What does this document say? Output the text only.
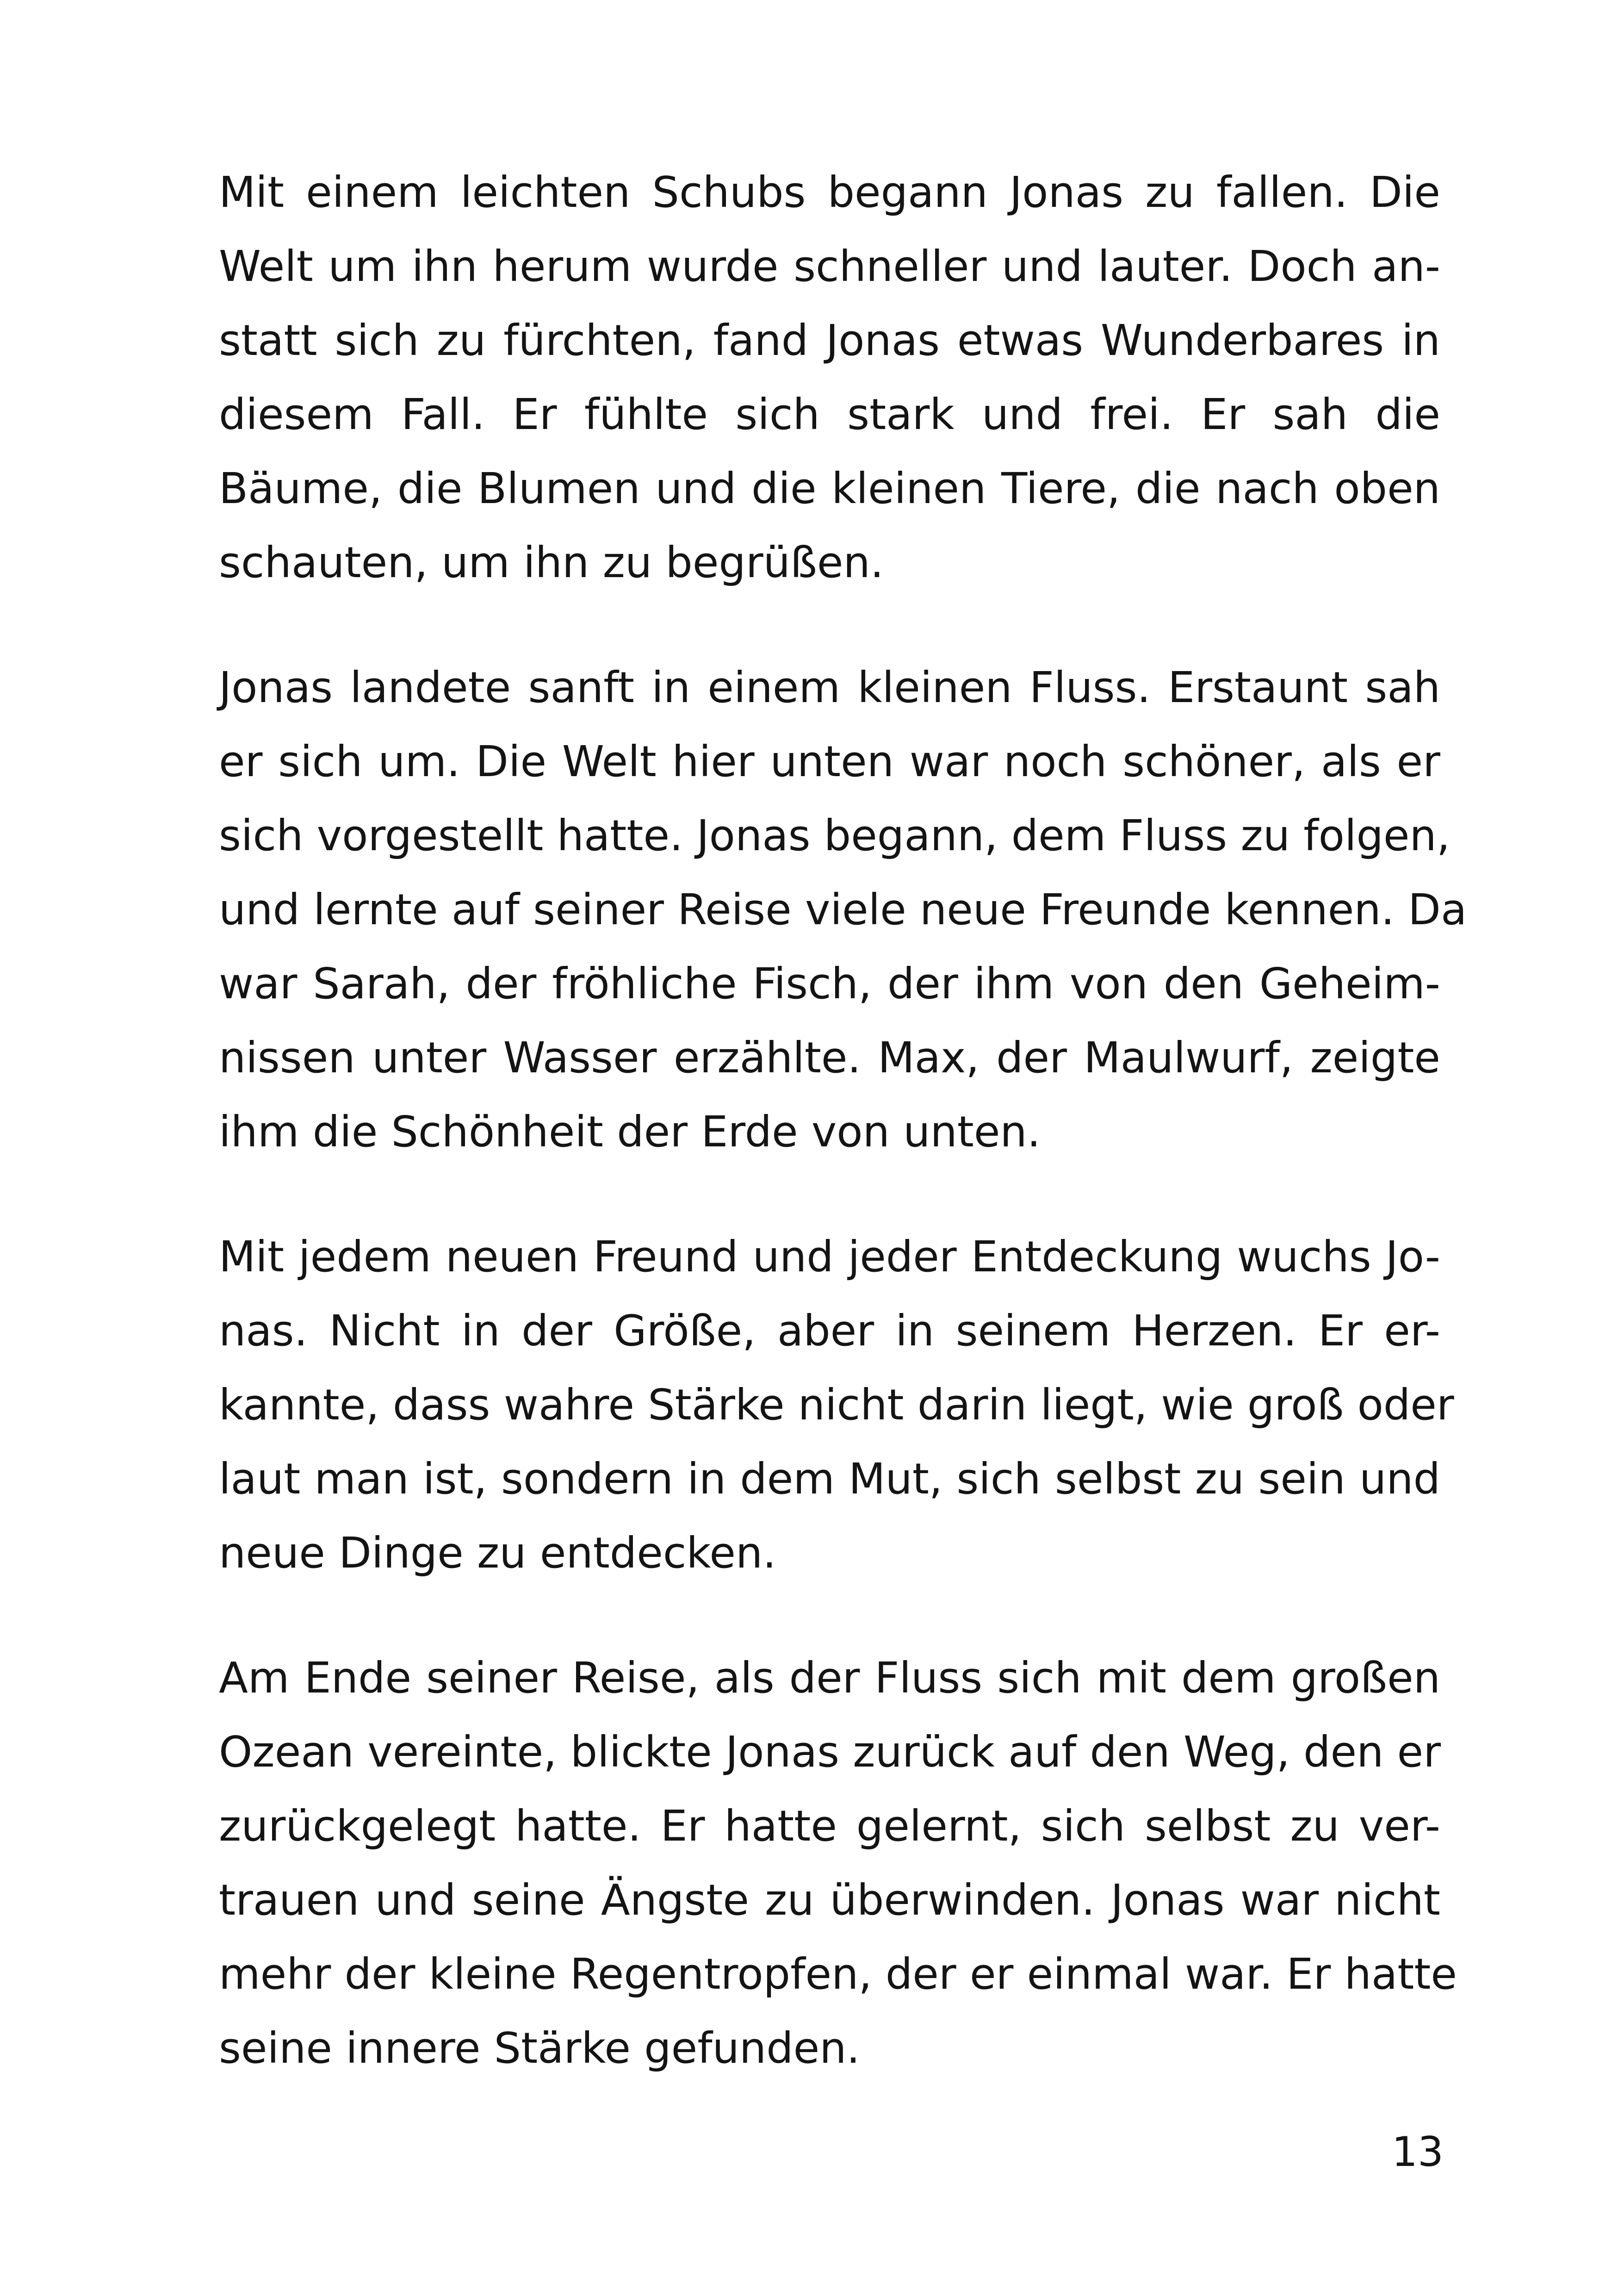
Mit einem leichten Schubs begann Jonas zu fallen. Die
Welt um ihn herum wurde schneller und lauter. Doch an-
statt sich zu fürchten, fand Jonas etwas Wunderbares in
diesem Fall. Er fühlte sich stark und frei. Er sah die
Bäume, die Blumen und die kleinen Tiere, die nach oben
schauten, um ihn zu begrüßen.
Jonas landete sanft in einem kleinen Fluss. Erstaunt sah
er sich um. Die Welt hier unten war noch schöner, als er
sich vorgestellt hatte. Jonas begann, dem Fluss zu folgen,
und lernte auf seiner Reise viele neue Freunde kennen. Da
war Sarah, der fröhliche Fisch, der ihm von den Geheim-
nissen unter Wasser erzählte. Max, der Maulwurf, zeigte
ihm die Schönheit der Erde von unten.
Mit jedem neuen Freund und jeder Entdeckung wuchs Jo-
nas. Nicht in der Größe, aber in seinem Herzen. Er er-
kannte, dass wahre Stärke nicht darin liegt, wie groß oder
laut man ist, sondern in dem Mut, sich selbst zu sein und
neue Dinge zu entdecken.
Am Ende seiner Reise, als der Fluss sich mit dem großen
Ozean vereinte, blickte Jonas zurück auf den Weg, den er
zurückgelegt hatte. Er hatte gelernt, sich selbst zu ver-
trauen und seine Ängste zu überwinden. Jonas war nicht
mehr der kleine Regentropfen, der er einmal war. Er hatte
seine innere Stärke gefunden.
13
